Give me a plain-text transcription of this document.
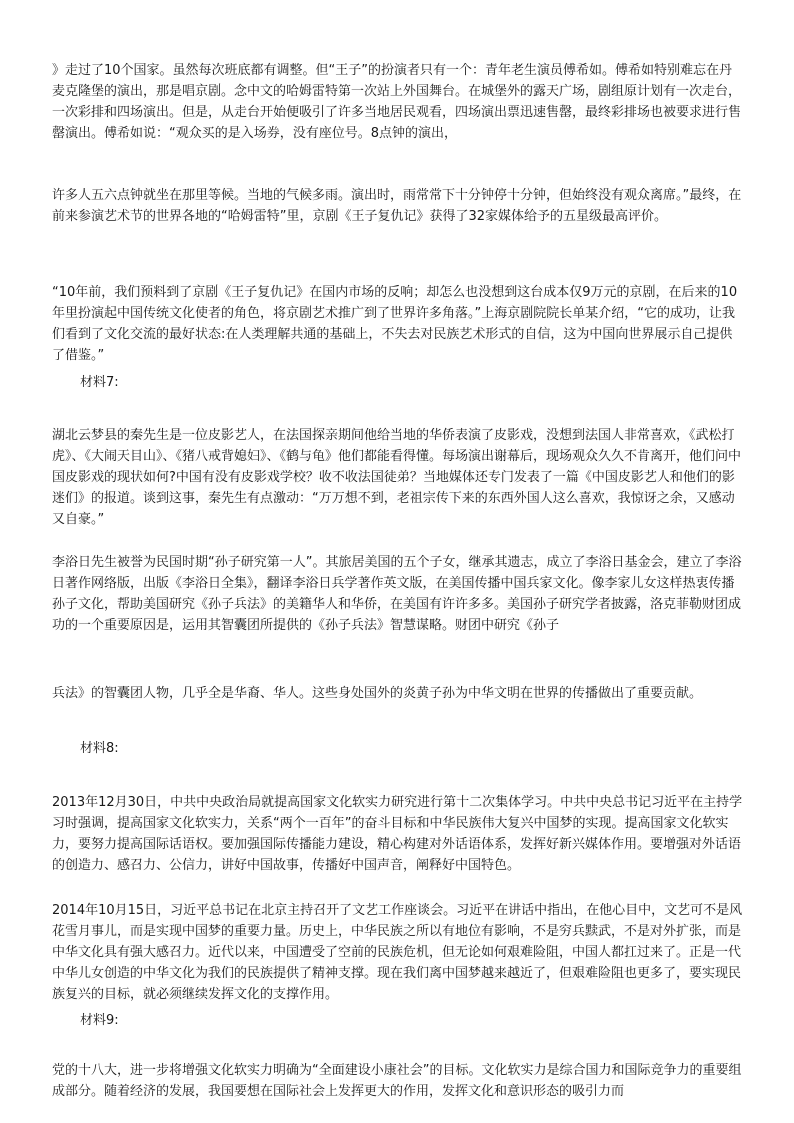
》走过了10个国家。虽然每次班底都有调整。但“王子”的扮演者只有一个：青年老生演员傅希如。傅希如特别难忘在丹麦克隆堡的演出，那是唱京剧。念中文的哈姆雷特第一次站上外国舞台。在城堡外的露天广场，剧组原计划有一次走台，一次彩排和四场演出。但是，从走台开始便吸引了许多当地居民观看，四场演出票迅速售罄，最终彩排场也被要求进行售罄演出。傅希如说：“观众买的是入场券，没有座位号。8点钟的演出，

许多人五六点钟就坐在那里等候。当地的气候多雨。演出时，雨常常下十分钟停十分钟，但始终没有观众离席。”最终，在前来参演艺术节的世界各地的“哈姆雷特”里，京剧《王子复仇记》获得了32家媒体给予的五星级最高评价。

“10年前，我们预料到了京剧《王子复仇记》在国内市场的反响；却怎么也没想到这台成本仅9万元的京剧，在后来的10年里扮演起中国传统文化使者的角色，将京剧艺术推广到了世界许多角落。”上海京剧院院长单某介绍，“它的成功，让我们看到了文化交流的最好状态:在人类理解共通的基础上，不失去对民族艺术形式的自信，这为中国向世界展示自己提供了借鉴。”

材料7:

湖北云梦县的秦先生是一位皮影艺人，在法国探亲期间他给当地的华侨表演了皮影戏，没想到法国人非常喜欢，《武松打虎》、《大闹天目山》、《猪八戒背媳妇》、《鹤与龟》他们都能看得懂。每场演出谢幕后，现场观众久久不肯离开，他们问中国皮影戏的现状如何?中国有没有皮影戏学校？收不收法国徒弟？当地媒体还专门发表了一篇《中国皮影艺人和他们的影迷们》的报道。谈到这事，秦先生有点激动：“万万想不到，老祖宗传下来的东西外国人这么喜欢，我惊讶之余，又感动又自豪。”

李浴日先生被誉为民国时期“孙子研究第一人”。其旅居美国的五个子女，继承其遗志，成立了李浴日基金会，建立了李浴日著作网络版，出版《李浴日全集》，翻译李浴日兵学著作英文版，在美国传播中国兵家文化。像李家儿女这样热衷传播孙子文化，帮助美国研究《孙子兵法》的美籍华人和华侨，在美国有许许多多。美国孙子研究学者披露，洛克菲勒财团成功的一个重要原因是，运用其智囊团所提供的《孙子兵法》智慧谋略。财团中研究《孙子

兵法》的智囊团人物，几乎全是华裔、华人。这些身处国外的炎黄子孙为中华文明在世界的传播做出了重要贡献。

材料8:

2013年12月30日，中共中央政治局就提高国家文化软实力研究进行第十二次集体学习。中共中央总书记习近平在主持学习时强调，提高国家文化软实力，关系“两个一百年”的奋斗目标和中华民族伟大复兴中国梦的实现。提高国家文化软实力，要努力提高国际话语权。要加强国际传播能力建设，精心构建对外话语体系，发挥好新兴媒体作用。要增强对外话语的创造力、感召力、公信力，讲好中国故事，传播好中国声音，阐释好中国特色。

2014年10月15日，习近平总书记在北京主持召开了文艺工作座谈会。习近平在讲话中指出，在他心目中，文艺可不是风花雪月事儿，而是实现中国梦的重要力量。历史上，中华民族之所以有地位有影响，不是穷兵黩武，不是对外扩张，而是中华文化具有强大感召力。近代以来，中国遭受了空前的民族危机，但无论如何艰难险阻，中国人都扛过来了。正是一代中华儿女创造的中华文化为我们的民族提供了精神支撑。现在我们离中国梦越来越近了，但艰难险阻也更多了，要实现民族复兴的目标，就必须继续发挥文化的支撑作用。

材料9:

党的十八大，进一步将增强文化软实力明确为“全面建设小康社会”的目标。文化软实力是综合国力和国际竞争力的重要组成部分。随着经济的发展，我国要想在国际社会上发挥更大的作用，发挥文化和意识形态的吸引力而
